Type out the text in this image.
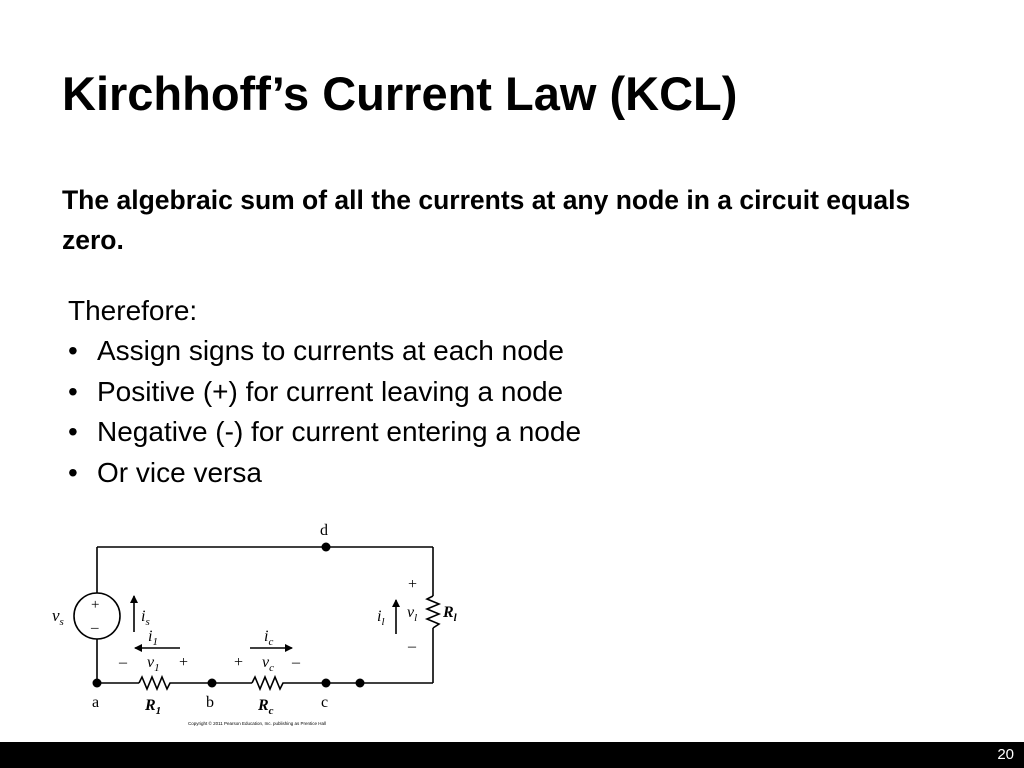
Kirchhoff’s Current Law (KCL)

The algebraic sum of all the currents at any node in a circuit equals zero.

Therefore:

• Assign signs to currents at each node
• Positive (+) for current leaving a node
• Negative (-) for current entering a node
• Or vice versa
d
a	b	c
+
–
$v_s$	$i_s$
$i_1$	$i_c$
– $v_1$ +	+ $v_c$ –
+
$i_l$
$v_l$
–
$R_l$
$R_1$	$R_c$
Copyright © 2011 Pearson Education, Inc. publishing as Prentice Hall
20
